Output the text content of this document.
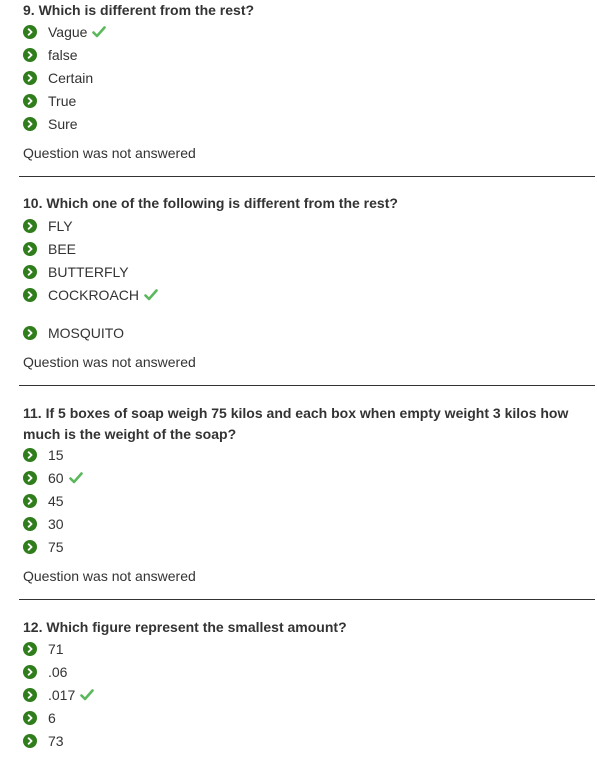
9. Which is different from the rest?
Vague
false
Certain
True
Sure
Question was not answered
10. Which one of the following is different from the rest?
FLY
BEE
BUTTERFLY
COCKROACH
MOSQUITO
Question was not answered
11. If 5 boxes of soap weigh 75 kilos and each box when empty weight 3 kilos how much is the weight of the soap?
15
60
45
30
75
Question was not answered
12. Which figure represent the smallest amount?
71
.06
.017
6
73
